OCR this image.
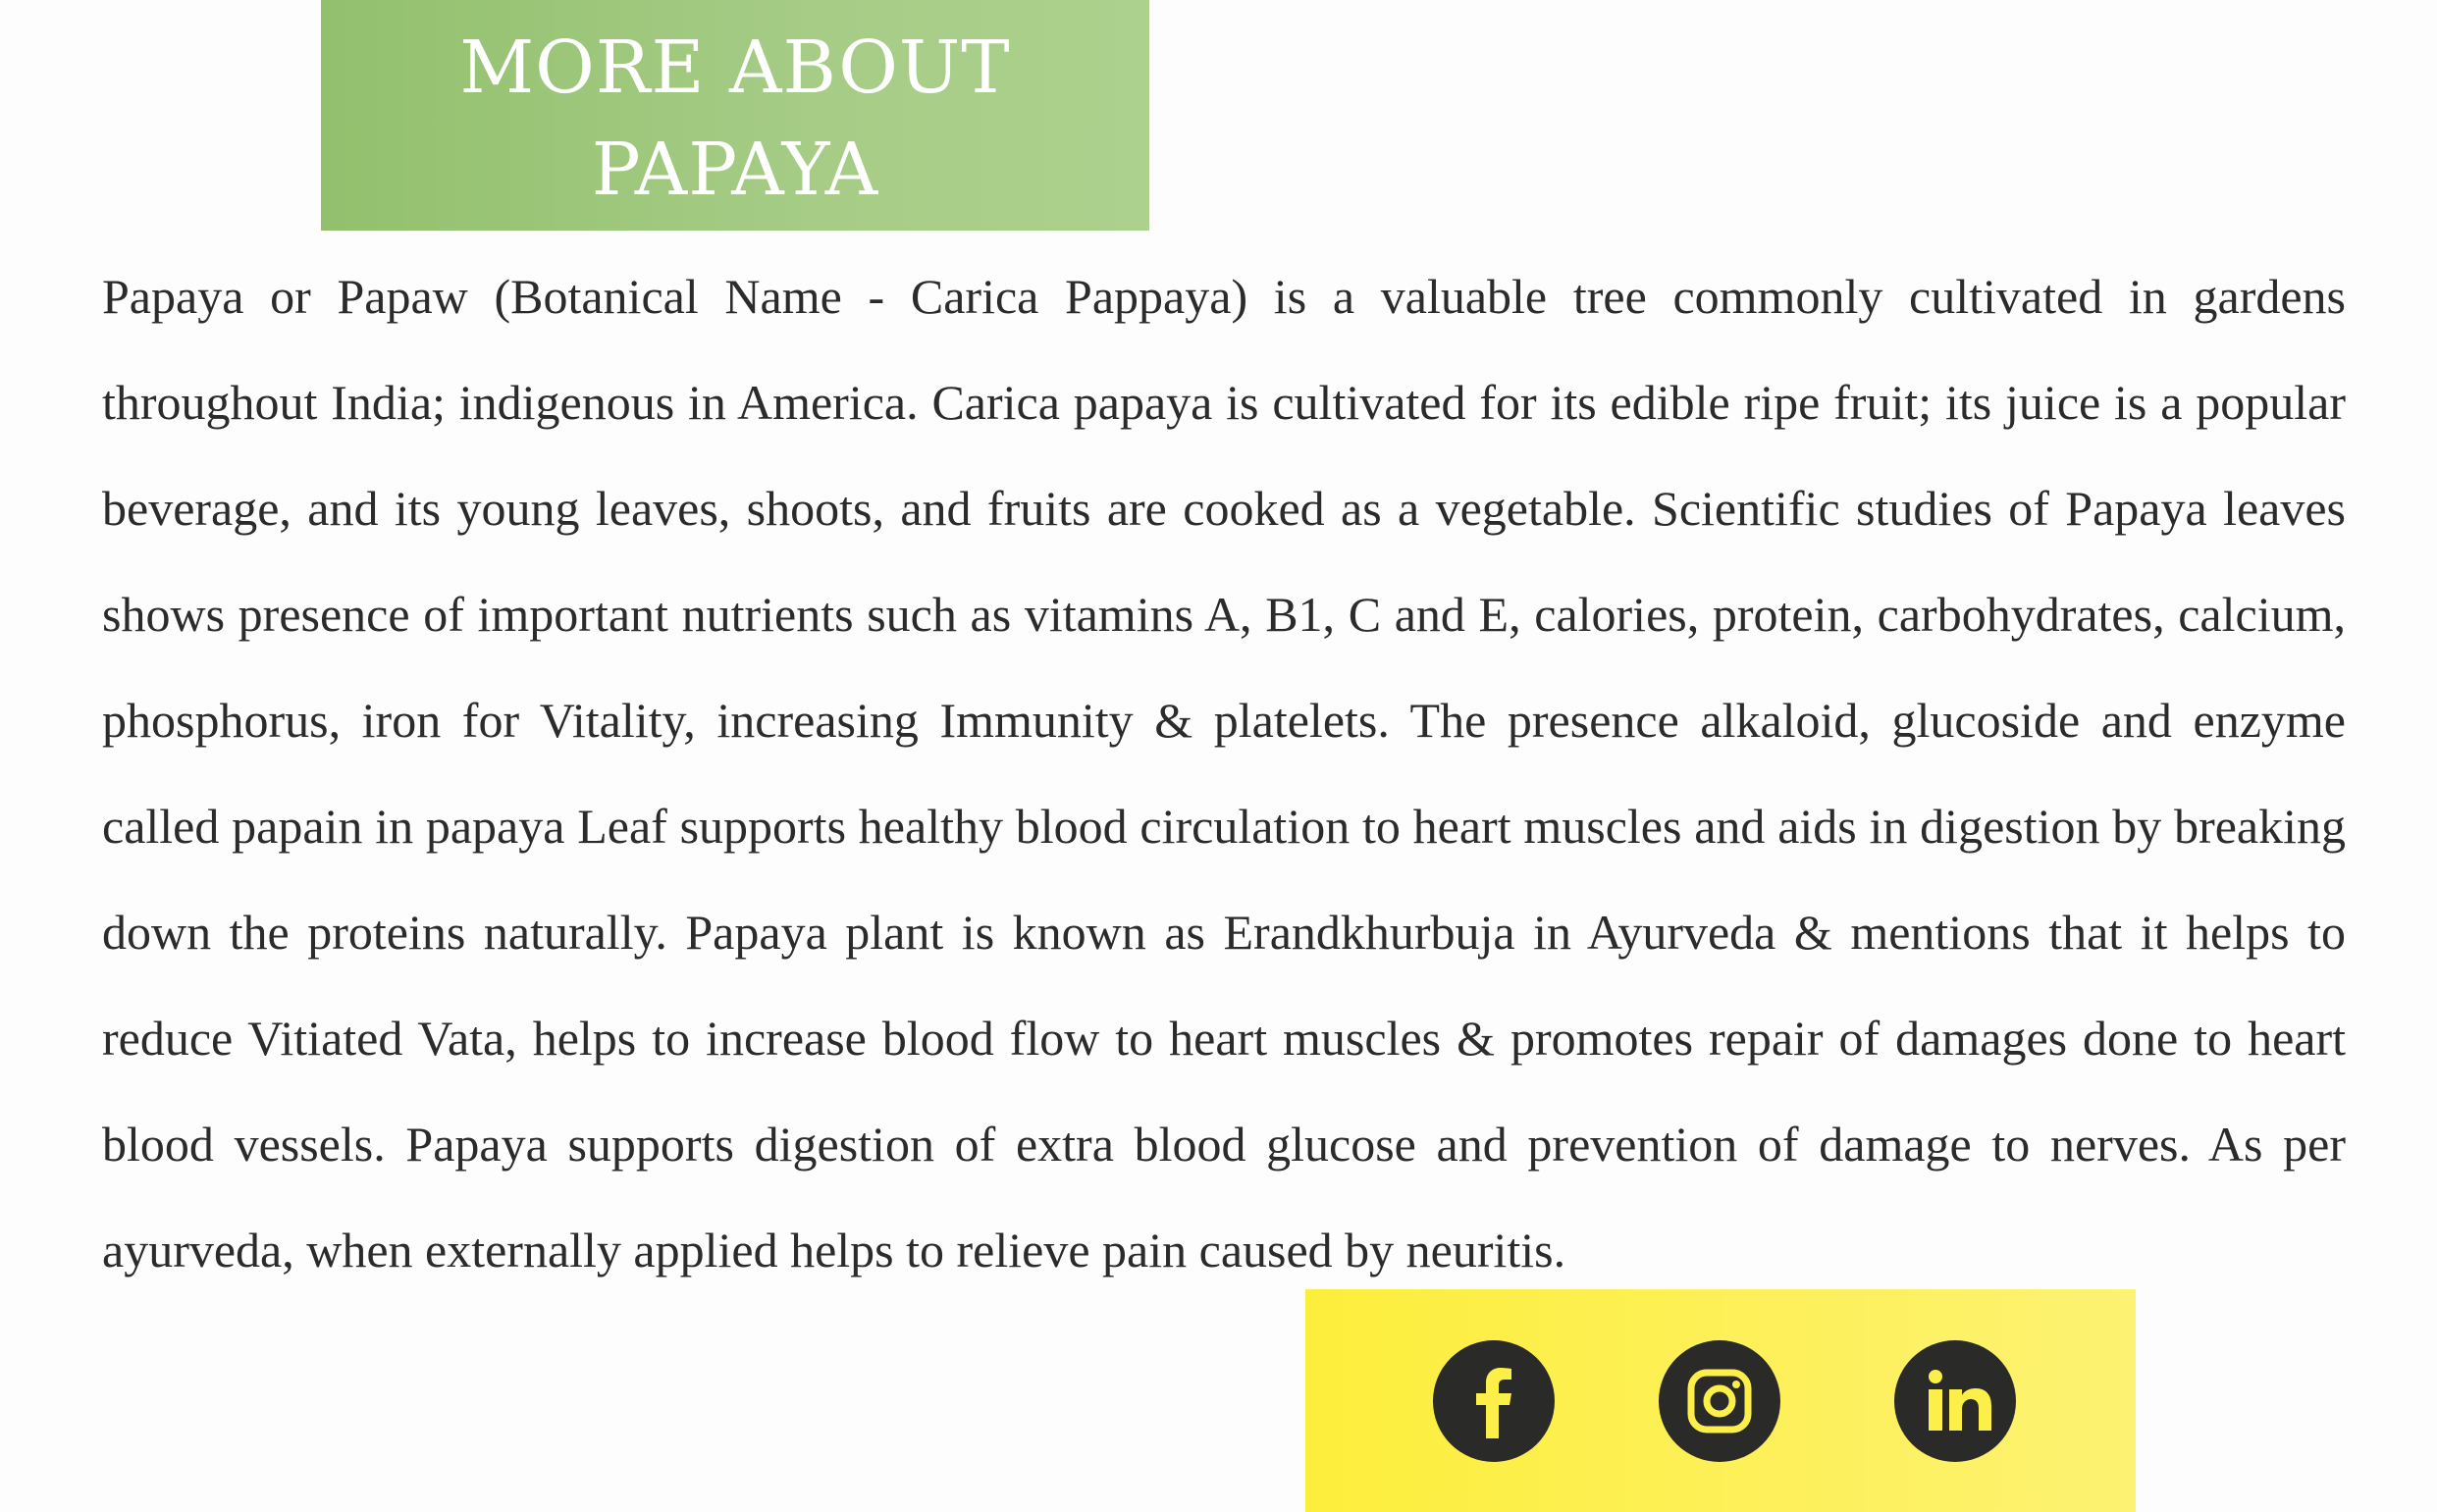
MORE ABOUT
PAPAYA

Papaya or Papaw (Botanical Name - Carica Pappaya) is a valuable tree commonly cultivated in gardens throughout India; indigenous in America. Carica papaya is cultivated for its edible ripe fruit; its juice is a popular beverage, and its young leaves, shoots, and fruits are cooked as a vegetable. Scientific studies of Papaya leaves shows presence of important nutrients such as vitamins A, B1, C and E, calories, protein, carbohydrates, calcium, phosphorus, iron for Vitality, increasing Immunity & platelets. The presence alkaloid, glucoside and enzyme called papain in papaya Leaf supports healthy blood circulation to heart muscles and aids in digestion by breaking down the proteins naturally. Papaya plant is known as Erandkhurbuja in Ayurveda & mentions that it helps to reduce Vitiated Vata, helps to increase blood flow to heart muscles & promotes repair of damages done to heart blood vessels. Papaya supports digestion of extra blood glucose and prevention of damage to nerves. As per ayurveda, when externally applied helps to relieve pain caused by neuritis.
